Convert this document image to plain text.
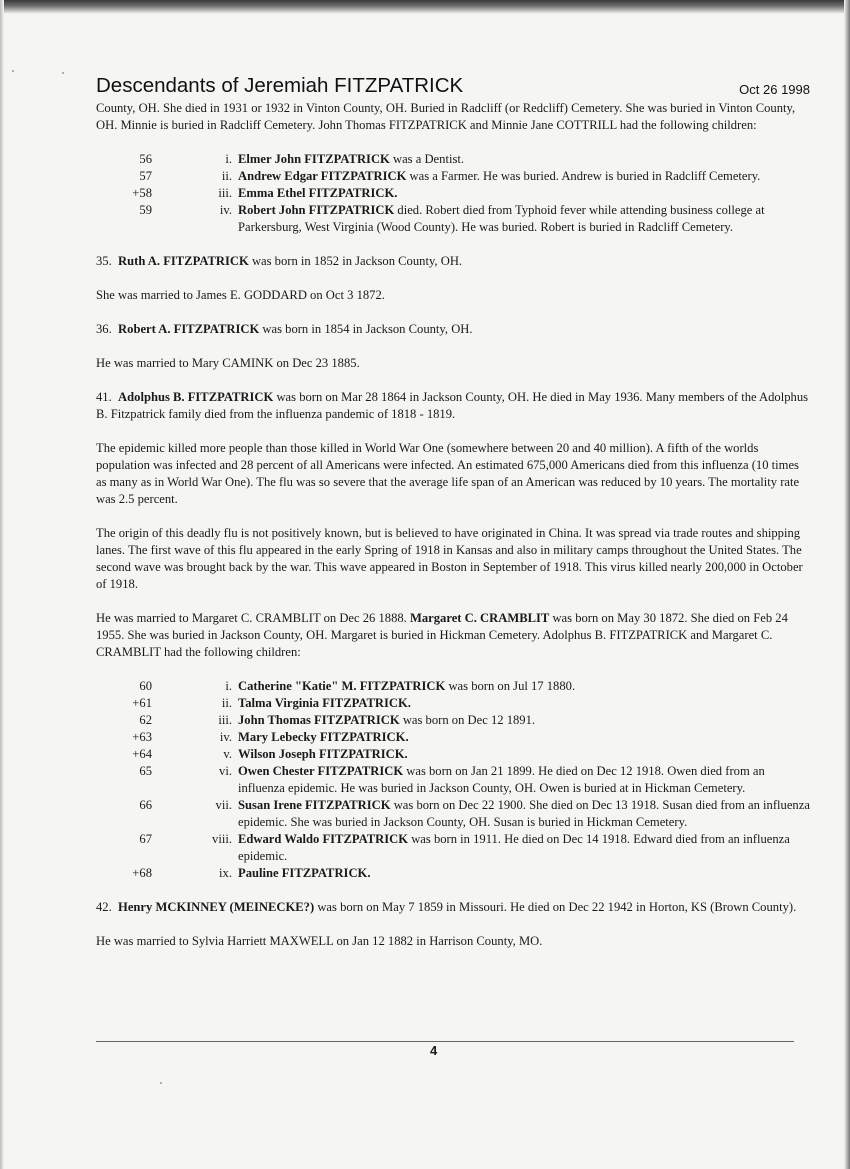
Descendants of Jeremiah FITZPATRICK	Oct 26 1998

County, OH. She died in 1931 or 1932 in Vinton County, OH. Buried in Radcliff (or Redcliff) Cemetery. She was buried in Vinton County, OH. Minnie is buried in Radcliff Cemetery. John Thomas FITZPATRICK and Minnie Jane COTTRILL had the following children:

56	i. Elmer John FITZPATRICK was a Dentist.
57	ii. Andrew Edgar FITZPATRICK was a Farmer. He was buried. Andrew is buried in Radcliff Cemetery.
+58	iii. Emma Ethel FITZPATRICK.
59	iv. Robert John FITZPATRICK died. Robert died from Typhoid fever while attending business college at Parkersburg, West Virginia (Wood County). He was buried. Robert is buried in Radcliff Cemetery.

35. Ruth A. FITZPATRICK was born in 1852 in Jackson County, OH.

She was married to James E. GODDARD on Oct 3 1872.

36. Robert A. FITZPATRICK was born in 1854 in Jackson County, OH.

He was married to Mary CAMINK on Dec 23 1885.

41. Adolphus B. FITZPATRICK was born on Mar 28 1864 in Jackson County, OH. He died in May 1936. Many members of the Adolphus B. Fitzpatrick family died from the influenza pandemic of 1818 - 1819.

The epidemic killed more people than those killed in World War One (somewhere between 20 and 40 million). A fifth of the worlds population was infected and 28 percent of all Americans were infected. An estimated 675,000 Americans died from this influenza (10 times as many as in World War One). The flu was so severe that the average life span of an American was reduced by 10 years. The mortality rate was 2.5 percent.

The origin of this deadly flu is not positively known, but is believed to have originated in China. It was spread via trade routes and shipping lanes. The first wave of this flu appeared in the early Spring of 1918 in Kansas and also in military camps throughout the United States. The second wave was brought back by the war. This wave appeared in Boston in September of 1918. This virus killed nearly 200,000 in October of 1918.

He was married to Margaret C. CRAMBLIT on Dec 26 1888. Margaret C. CRAMBLIT was born on May 30 1872. She died on Feb 24 1955. She was buried in Jackson County, OH. Margaret is buried in Hickman Cemetery. Adolphus B. FITZPATRICK and Margaret C. CRAMBLIT had the following children:

60	i. Catherine "Katie" M. FITZPATRICK was born on Jul 17 1880.
+61	ii. Talma Virginia FITZPATRICK.
62	iii. John Thomas FITZPATRICK was born on Dec 12 1891.
+63	iv. Mary Lebecky FITZPATRICK.
+64	v. Wilson Joseph FITZPATRICK.
65	vi. Owen Chester FITZPATRICK was born on Jan 21 1899. He died on Dec 12 1918. Owen died from an influenza epidemic. He was buried in Jackson County, OH. Owen is buried at in Hickman Cemetery.
66	vii. Susan Irene FITZPATRICK was born on Dec 22 1900. She died on Dec 13 1918. Susan died from an influenza epidemic. She was buried in Jackson County, OH. Susan is buried in Hickman Cemetery.
67	viii. Edward Waldo FITZPATRICK was born in 1911. He died on Dec 14 1918. Edward died from an influenza epidemic.
+68	ix. Pauline FITZPATRICK.

42. Henry MCKINNEY (MEINECKE?) was born on May 7 1859 in Missouri. He died on Dec 22 1942 in Horton, KS (Brown County).

He was married to Sylvia Harriett MAXWELL on Jan 12 1882 in Harrison County, MO.

4
